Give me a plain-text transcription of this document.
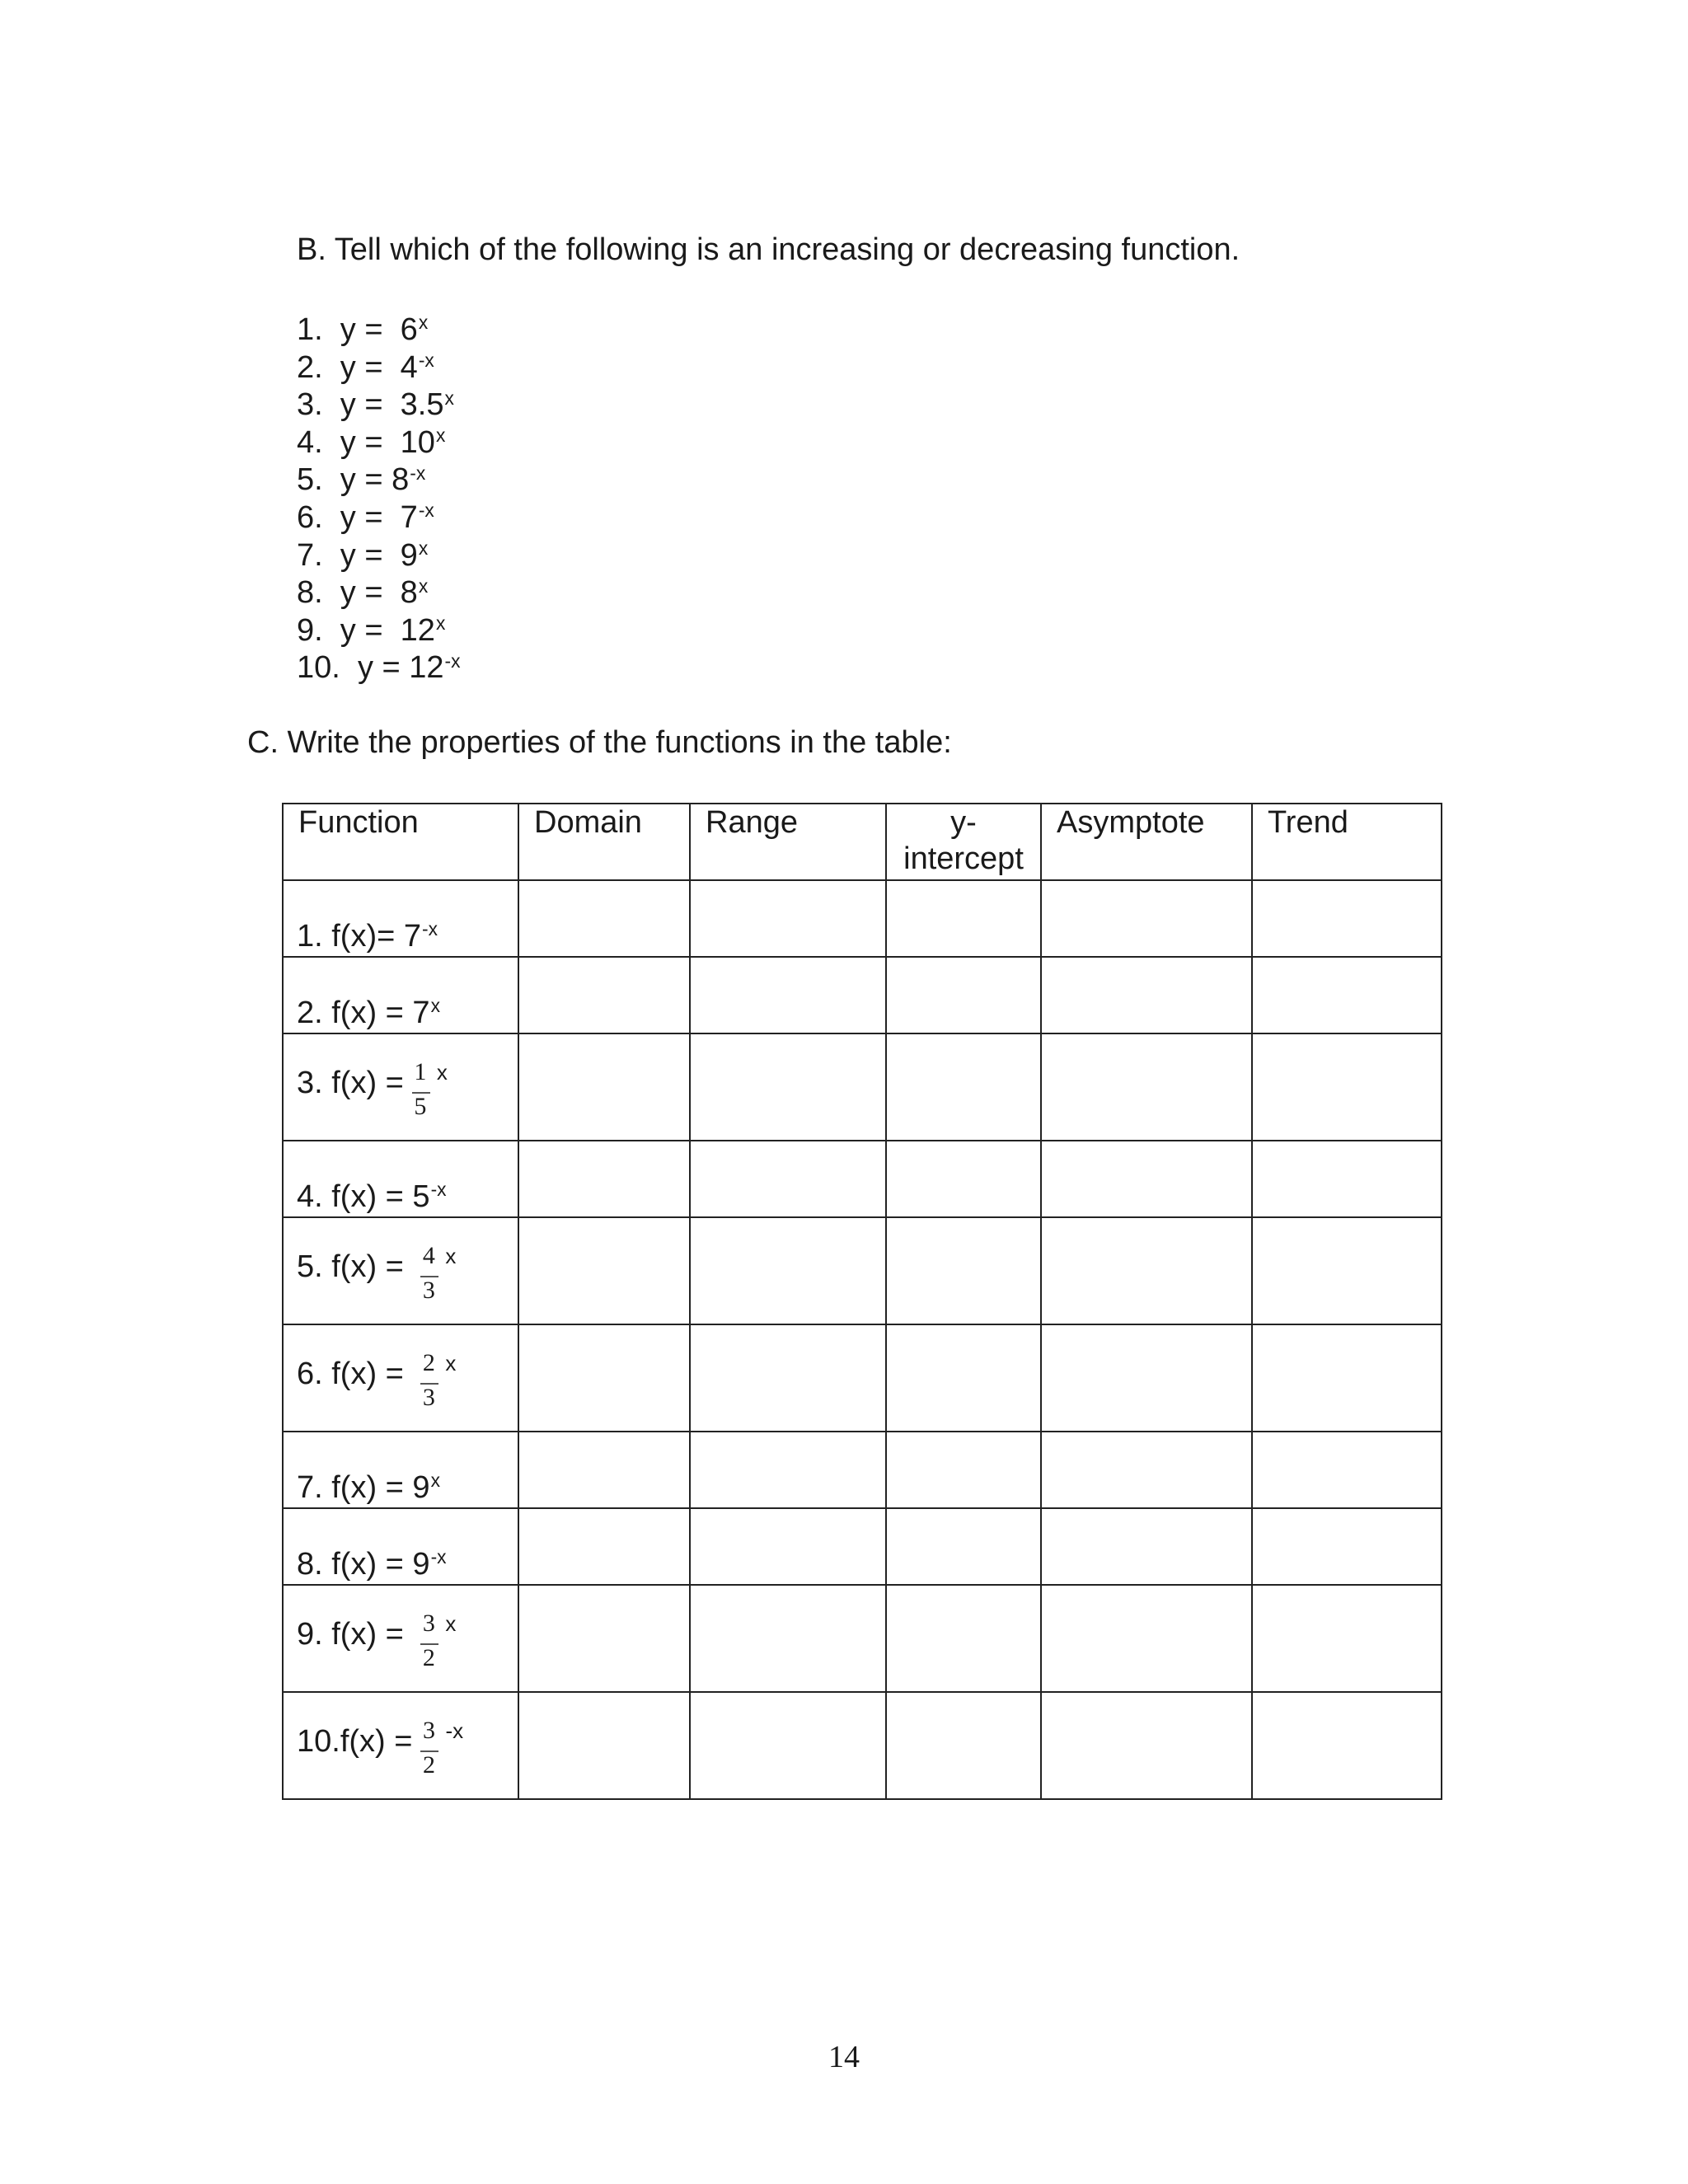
B. Tell which of the following is an increasing or decreasing function.
1.  y =  6$^x$
2.  $y = 4^{-x}$
3.  y =  3.5$^x$
4.  y =  10$^x$
5.  $y = 8^{-x}$
6.  $y = 7^{-x}$
7.  y =  9$^x$
8.  y =  8$^x$
9.  y =  12$^x$
10.  $y = 12^{-x}$
C. Write the properties of the functions in the table:
Function	Domain	Range	y-
intercept	Asymptote	Trend

1. $f(x)= 7^{-x}$

2. $f(x) = 7^x$

3. f(x) = 1
5
x					

4. $f(x) = 5^{-x}$

5. f(x) = 4
3
x					

6. f(x) = 2
3
x					

7. $f(x) = 9^x$

8. $f(x) = 9^{-x}$

9. f(x) = 3
2
x					

10.f(x) = 3
2
-x					

14
